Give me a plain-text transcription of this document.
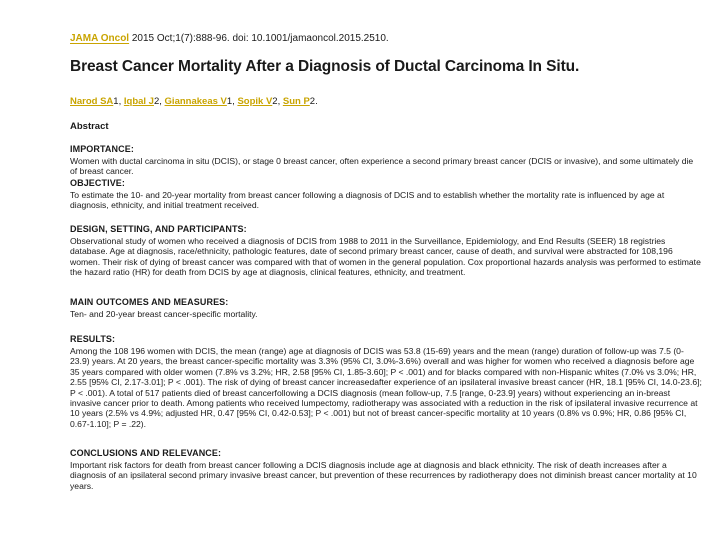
JAMA Oncol 2015 Oct;1(7):888-96. doi: 10.1001/jamaoncol.2015.2510.
Breast Cancer Mortality After a Diagnosis of Ductal Carcinoma In Situ.
Narod SA1, Iqbal J2, Giannakeas V1, Sopik V2, Sun P2.
Abstract
IMPORTANCE:

Women with ductal carcinoma in situ (DCIS), or stage 0 breast cancer, often experience a second primary breast cancer (DCIS or invasive), and some ultimately die of breast cancer.

OBJECTIVE:

To estimate the 10- and 20-year mortality from breast cancer following a diagnosis of DCIS and to establish whether the mortality rate is influenced by age at diagnosis, ethnicity, and initial treatment received.

DESIGN, SETTING, AND PARTICIPANTS:

Observational study of women who received a diagnosis of DCIS from 1988 to 2011 in the Surveillance, Epidemiology, and End Results (SEER) 18 registries database. Age at diagnosis, race/ethnicity, pathologic features, date of second primary breast cancer, cause of death, and survival were abstracted for 108,196 women. Their risk of dying of breast cancer was compared with that of women in the general population. Cox proportional hazards analysis was performed to estimate the hazard ratio (HR) for death from DCIS by age at diagnosis, clinical features, ethnicity, and treatment.

MAIN OUTCOMES AND MEASURES:

Ten- and 20-year breast cancer-specific mortality.

RESULTS:

Among the 108 196 women with DCIS, the mean (range) age at diagnosis of DCIS was 53.8 (15-69) years and the mean (range) duration of follow-up was 7.5 (0-23.9) years. At 20 years, the breast cancer-specific mortality was 3.3% (95% CI, 3.0%-3.6%) overall and was higher for women who received a diagnosis before age 35 years compared with older women (7.8% vs 3.2%; HR, 2.58 [95% CI, 1.85-3.60]; P < .001) and for blacks compared with non-Hispanic whites (7.0% vs 3.0%; HR, 2.55 [95% CI, 2.17-3.01]; P < .001). The risk of dying of breast cancer increasedafter experience of an ipsilateral invasive breast cancer (HR, 18.1 [95% CI, 14.0-23.6]; P < .001). A total of 517 patients died of breast cancerfollowing a DCIS diagnosis (mean follow-up, 7.5 [range, 0-23.9] years) without experiencing an in-breast invasive cancer prior to death. Among patients who received lumpectomy, radiotherapy was associated with a reduction in the risk of ipsilateral invasive recurrence at 10 years (2.5% vs 4.9%; adjusted HR, 0.47 [95% CI, 0.42-0.53]; P < .001) but not of breast cancer-specific mortality at 10 years (0.8% vs 0.9%; HR, 0.86 [95% CI, 0.67-1.10]; P = .22).

CONCLUSIONS AND RELEVANCE:

Important risk factors for death from breast cancer following a DCIS diagnosis include age at diagnosis and black ethnicity. The risk of death increases after a diagnosis of an ipsilateral second primary invasive breast cancer, but prevention of these recurrences by radiotherapy does not diminish breast cancer mortality at 10 years.
